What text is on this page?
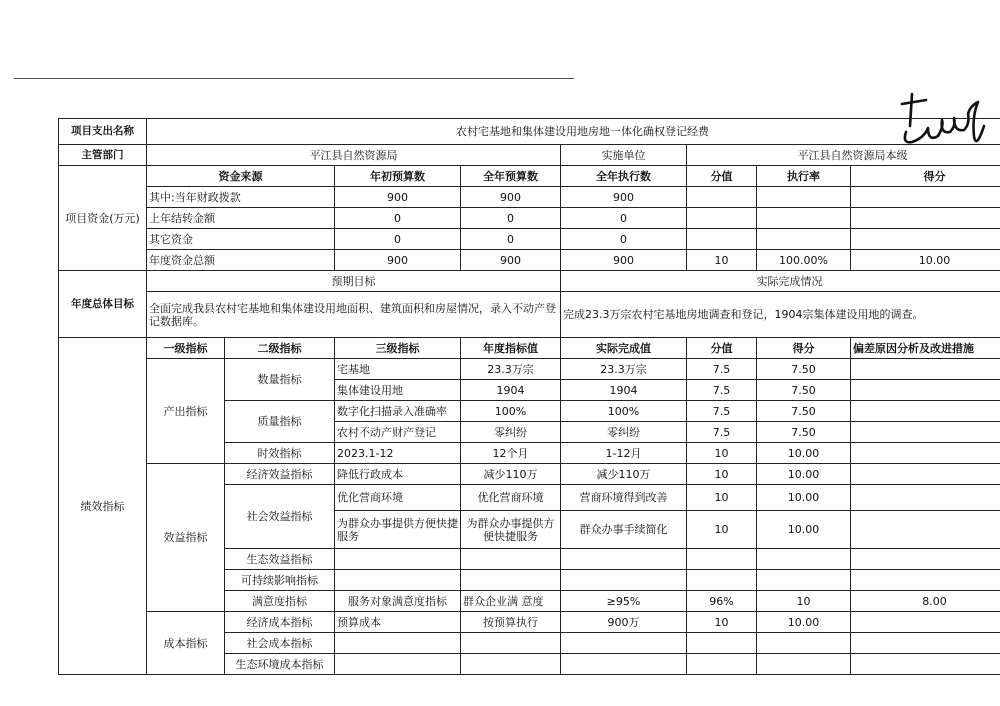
项目支出名称	农村宅基地和集体建设用地房地一体化确权登记经费								
主管部门	平江县自然资源局				实施单位	平江县自然资源局本级			
项目资金(万元)	资金来源		年初预算数	全年预算数	全年执行数	分值	执行率	得分	
	其中:当年财政拨款		900	900	900				
	上年结转金额		0	0	0				
	其它资金		0	0	0				
	年度资金总额		900	900	900	10	100.00%	10.00	
年度总体目标	预期目标				实际完成情况				
	全面完成我县农村宅基地和集体建设用地面积、建筑面积和房屋情况，录入不动产登记数据库。				完成23.3万宗农村宅基地房地调查和登记，1904宗集体建设用地的调查。				
绩效指标	一级指标	二级指标	三级指标	年度指标值	实际完成值	分值	得分	偏差原因分析及改进措施	
	产出指标	数量指标	宅基地	23.3万宗	23.3万宗	7.5	7.50		
			集体建设用地	1904	1904	7.5	7.50		
		质量指标	数字化扫描录入准确率	100%	100%	7.5	7.50		
			农村不动产财产登记	零纠纷	零纠纷	7.5	7.50		
		时效指标	2023.1-12	12个月	1-12月	10	10.00		
	效益指标	经济效益指标	降低行政成本	减少110万	减少110万	10	10.00		
		社会效益指标	优化营商环境	优化营商环境	营商环境得到改善	10	10.00		
			为群众办事提供方便快捷服务	为群众办事提供方便快捷服务	群众办事手续简化	10	10.00		
		生态效益指标							
		可持续影响指标							
		满意度指标	服务对象满意度指标	群众企业满 意度	≥95%	96%	10	8.00	
	成本指标	经济成本指标	预算成本	按预算执行	900万	10	10.00		
		社会成本指标							
		生态环境成本指标							
